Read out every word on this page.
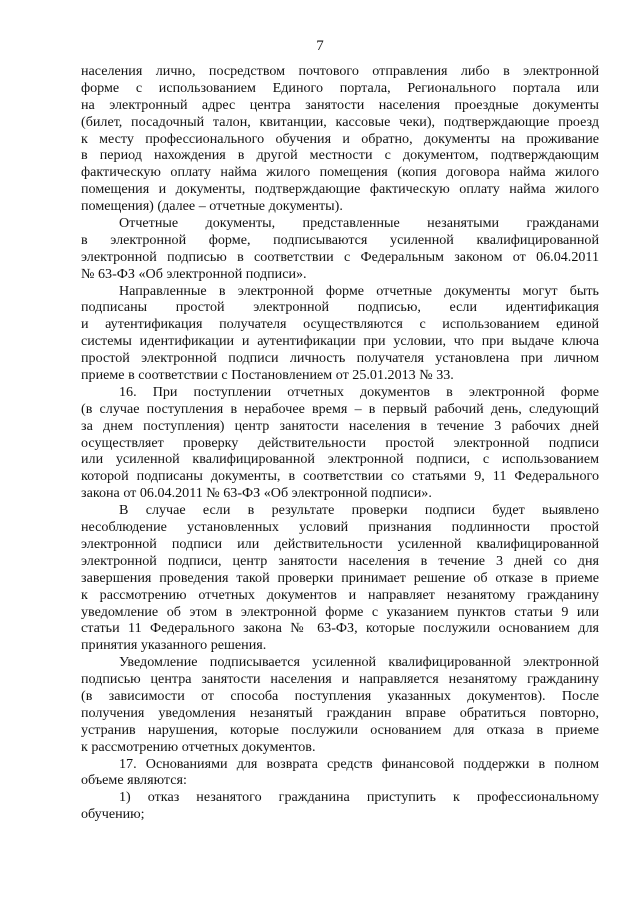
7
населения лично, посредством почтового отправления либо в электронной
форме с использованием Единого портала, Регионального портала или
на электронный адрес центра занятости населения проездные документы
(билет, посадочный талон, квитанции, кассовые чеки), подтверждающие проезд
к месту профессионального обучения и обратно, документы на проживание
в период нахождения в другой местности с документом, подтверждающим
фактическую оплату найма жилого помещения (копия договора найма жилого
помещения и документы, подтверждающие фактическую оплату найма жилого
помещения) (далее – отчетные документы).
Отчетные документы, представленные незанятыми гражданами
в электронной форме, подписываются усиленной квалифицированной
электронной подписью в соответствии с Федеральным законом от 06.04.2011
№ 63-ФЗ «Об электронной подписи».
Направленные в электронной форме отчетные документы могут быть
подписаны простой электронной подписью, если идентификация
и аутентификация получателя осуществляются с использованием единой
системы идентификации и аутентификации при условии, что при выдаче ключа
простой электронной подписи личность получателя установлена при личном
приеме в соответствии с Постановлением от 25.01.2013 № 33.
16. При поступлении отчетных документов в электронной форме
(в случае поступления в нерабочее время – в первый рабочий день, следующий
за днем поступления) центр занятости населения в течение 3 рабочих дней
осуществляет проверку действительности простой электронной подписи
или усиленной квалифицированной электронной подписи, с использованием
которой подписаны документы, в соответствии со статьями 9, 11 Федерального
закона от 06.04.2011 № 63-ФЗ «Об электронной подписи».
В случае если в результате проверки подписи будет выявлено
несоблюдение установленных условий признания подлинности простой
электронной подписи или действительности усиленной квалифицированной
электронной подписи, центр занятости населения в течение 3 дней со дня
завершения проведения такой проверки принимает решение об отказе в приеме
к рассмотрению отчетных документов и направляет незанятому гражданину
уведомление об этом в электронной форме с указанием пунктов статьи 9 или
статьи 11 Федерального закона № 63-ФЗ, которые послужили основанием для
принятия указанного решения.
Уведомление подписывается усиленной квалифицированной электронной
подписью центра занятости населения и направляется незанятому гражданину
(в зависимости от способа поступления указанных документов). После
получения уведомления незанятый гражданин вправе обратиться повторно,
устранив нарушения, которые послужили основанием для отказа в приеме
к рассмотрению отчетных документов.
17. Основаниями для возврата средств финансовой поддержки в полном
объеме являются:
1) отказ незанятого гражданина приступить к профессиональному
обучению;
